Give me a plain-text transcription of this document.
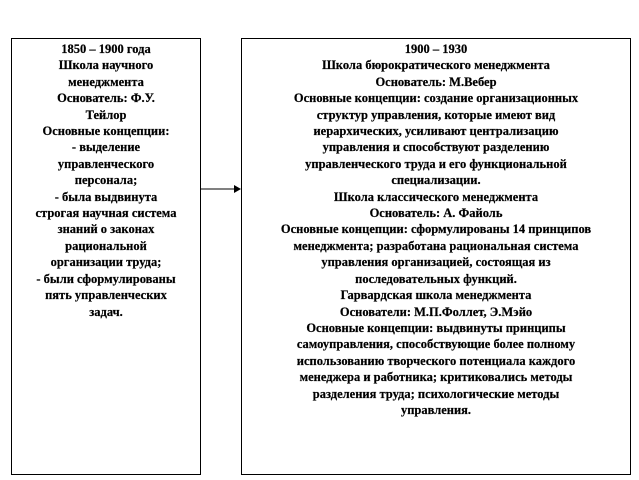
1850 – 1900 года
Школа научного
менеджмента
Основатель: Ф.У.
Тейлор
Основные концепции:
- выделение
управленческого
персонала;
- была выдвинута
строгая научная система
знаний о законах
рациональной
организации труда;
- были сформулированы
пять управленческих
задач.
1900 – 1930
Школа бюрократического менеджмента
Основатель: М.Вебер
Основные концепции: создание организационных
структур управления, которые имеют вид
иерархических, усиливают централизацию
управления и способствуют разделению
управленческого труда и его функциональной
специализации.
Школа классического менеджмента
Основатель: А. Файоль
Основные концепции: сформулированы 14 принципов
менеджмента; разработана рациональная система
управления организацией, состоящая из
последовательных функций.
Гарвардская школа менеджмента
Основатели: М.П.Фоллет, Э.Мэйо
Основные концепции: выдвинуты принципы
самоуправления, способствующие более полному
использованию творческого потенциала каждого
менеджера и работника; критиковались методы
разделения труда; психологические методы
управления.
